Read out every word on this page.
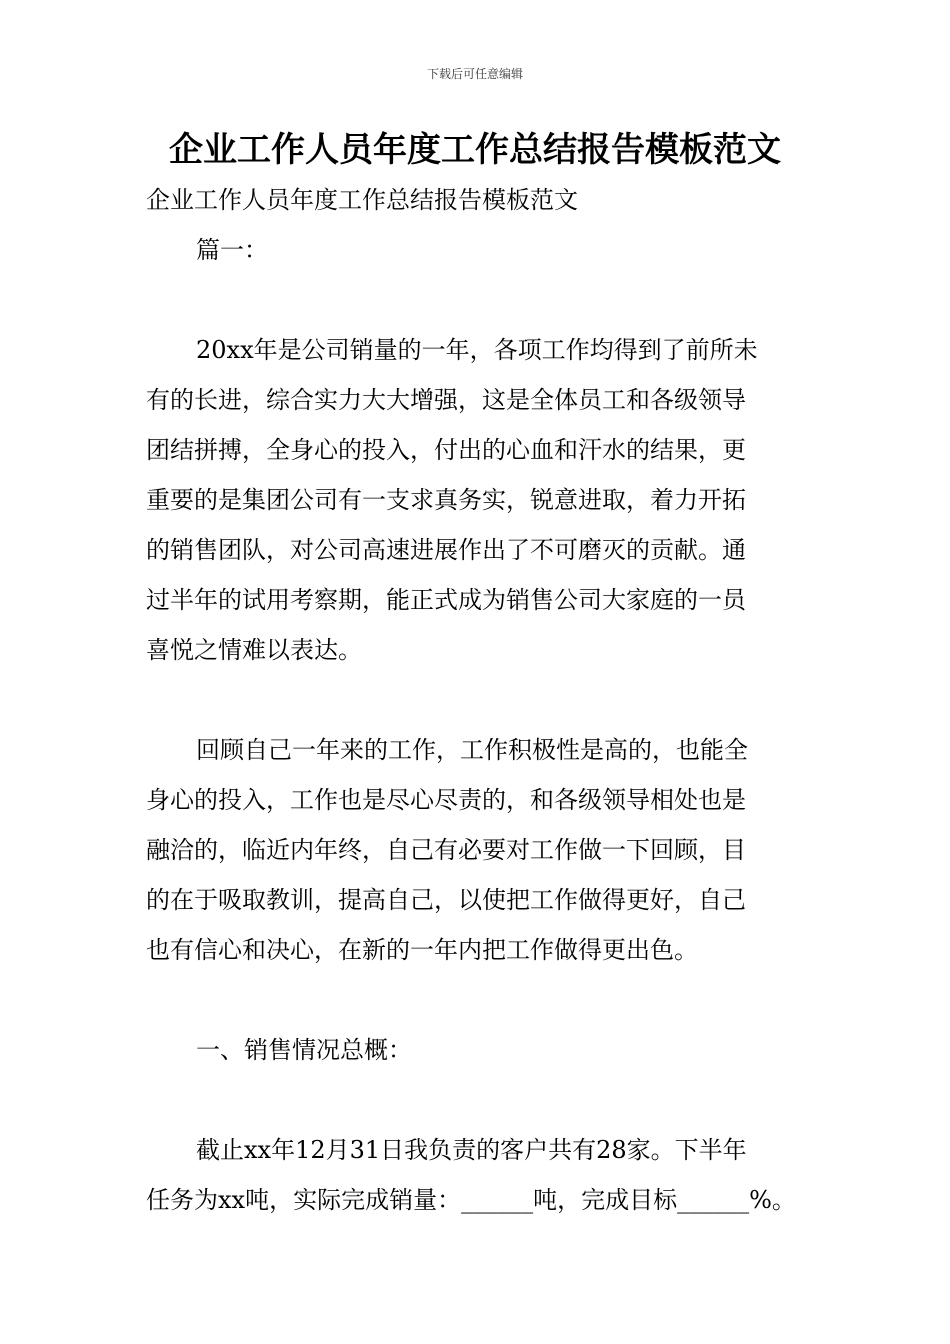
下载后可任意编辑
企业工作人员年度工作总结报告模板范文

企业工作人员年度工作总结报告模板范文

篇一：

20xx年是公司销量的一年，各项工作均得到了前所未

有的长进，综合实力大大增强，这是全体员工和各级领导

团结拼搏，全身心的投入，付出的心血和汗水的结果，更

重要的是集团公司有一支求真务实，锐意进取，着力开拓

的销售团队，对公司高速进展作出了不可磨灭的贡献。通

过半年的试用考察期，能正式成为销售公司大家庭的一员

喜悦之情难以表达。

回顾自己一年来的工作，工作积极性是高的，也能全

身心的投入，工作也是尽心尽责的，和各级领导相处也是

融洽的，临近内年终，自己有必要对工作做一下回顾，目

的在于吸取教训，提高自己，以使把工作做得更好，自己

也有信心和决心，在新的一年内把工作做得更出色。

一、销售情况总概：

截止xx年12月31日我负责的客户共有28家。下半年

任务为xx吨，实际完成销量：______吨，完成目标______%。
